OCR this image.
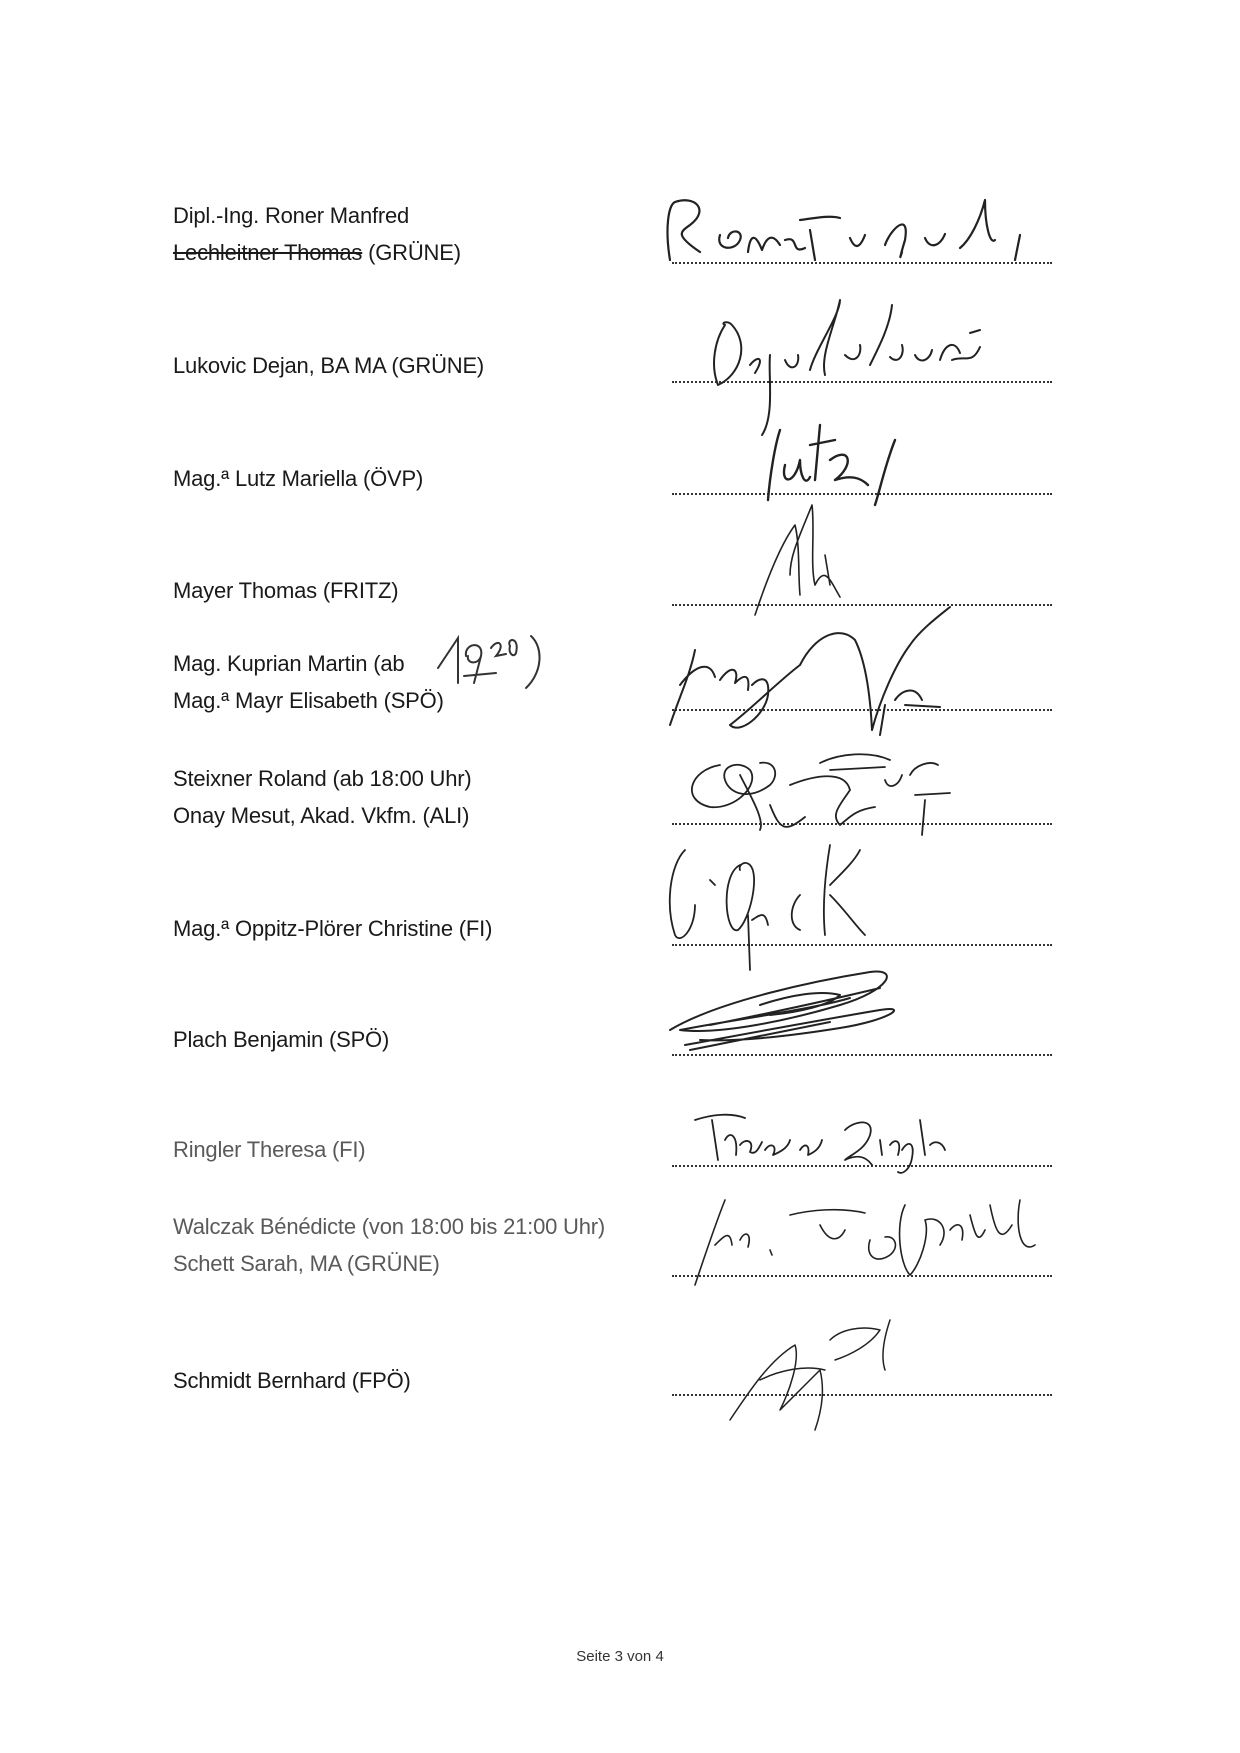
Dipl.-Ing. Roner Manfred
Lechleitner Thomas (GRÜNE)
Lukovic Dejan, BA MA (GRÜNE)
Mag.ª Lutz Mariella (ÖVP)
Mayer Thomas (FRITZ)
Mag. Kuprian Martin (ab
Mag.ª Mayr Elisabeth (SPÖ)
Steixner Roland (ab 18:00 Uhr)
Onay Mesut, Akad. Vkfm. (ALI)
Mag.ª Oppitz-Plörer Christine (FI)
Plach Benjamin (SPÖ)
Ringler Theresa (FI)
Walczak Bénédicte (von 18:00 bis 21:00 Uhr)
Schett Sarah, MA (GRÜNE)
Schmidt Bernhard (FPÖ)
Seite 3 von 4
